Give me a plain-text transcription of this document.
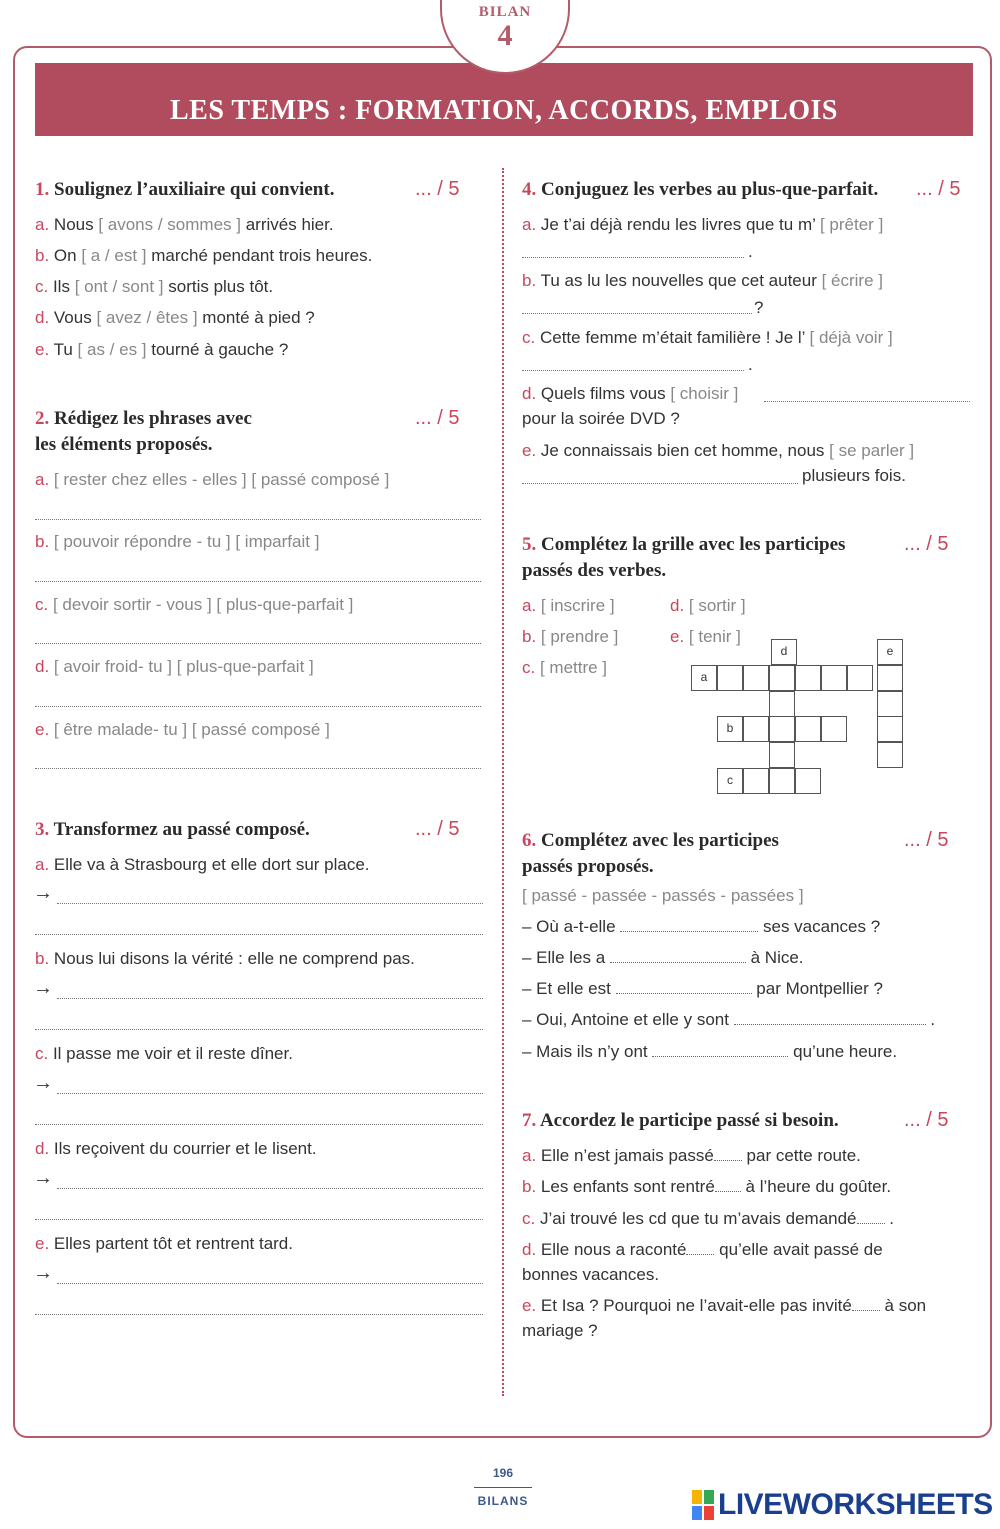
BILAN
4
LES TEMPS : FORMATION, ACCORDS, EMPLOIS
1. Soulignez l’auxiliaire qui convient.	... / 5
a. Nous [ avons / sommes ] arrivés hier.
b. On [ a / est ] marché pendant trois heures.
c. Ils [ ont / sont ] sortis plus tôt.
d. Vous [ avez / êtes ] monté à pied ?
e. Tu [ as / es ] tourné à gauche ?
2. Rédigez les phrases avec
les éléments proposés.
... / 5
a. [ rester chez elles - elles ] [ passé composé ]
b. [ pouvoir répondre - tu ] [ imparfait ]
c. [ devoir sortir - vous ] [ plus-que-parfait ]
d. [ avoir froid- tu ] [ plus-que-parfait ]
e. [ être malade- tu ] [ passé composé ]
3. Transformez au passé composé.	... / 5
a. Elle va à Strasbourg et elle dort sur place.
→
b. Nous lui disons la vérité : elle ne comprend pas.
→
c. Il passe me voir et il reste dîner.
→
d. Ils reçoivent du courrier et le lisent.
→
e. Elles partent tôt et rentrent tard.
→
4. Conjuguez les verbes au plus-que-parfait. ... / 5
a. Je t’ai déjà rendu les livres que tu m’ [ prêter ]
.
b. Tu as lu les nouvelles que cet auteur [ écrire ]
?
c. Cette femme m’était familière ! Je l’ [ déjà voir ]
.
d. Quels films vous [ choisir ]
pour la soirée DVD ?
e. Je connaissais bien cet homme, nous [ se parler ]
plusieurs fois.
5. Complétez la grille avec les participes
passés des verbes.
... / 5
a. [ inscrire ]
b. [ prendre ]
c. [ mettre ]
d. [ sortir ]
e. [ tenir ]
a
d	e
b
c
6. Complétez avec les participes
passés proposés.
... / 5
[ passé - passée - passés - passées ]
– Où a-t-elle	ses vacances ?
– Elle les a	à Nice.
– Et elle est	par Montpellier ?
– Oui, Antoine et elle y sont	.
– Mais ils n’y ont	qu’une heure.
7. Accordez le participe passé si besoin.	... / 5
a. Elle n’est jamais passé par cette route.
b. Les enfants sont rentré à l’heure du goûter.
c. J’ai trouvé les cd que tu m’avais demandé .
d. Elle nous a raconté qu’elle avait passé de
bonnes vacances.
e. Et Isa ? Pourquoi ne l’avait-elle pas invité à son
mariage ?
196
BILANS	LIVEWORKSHEETS
